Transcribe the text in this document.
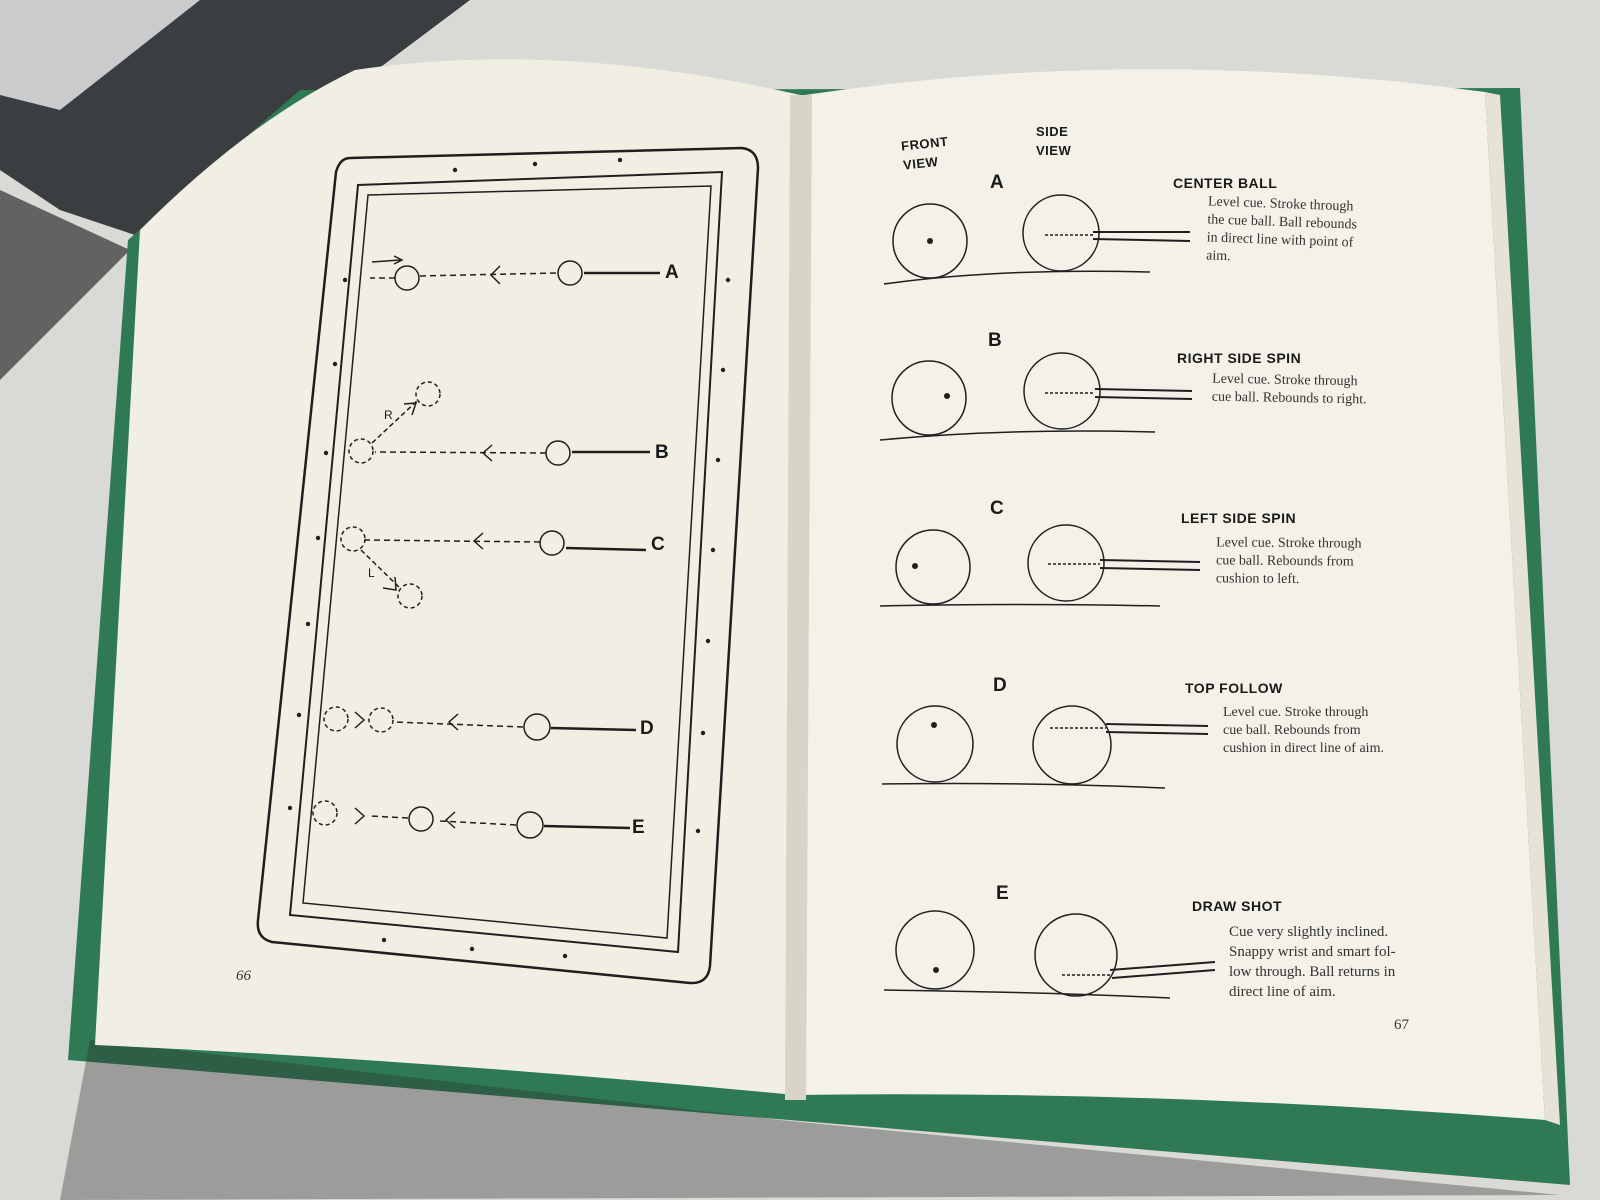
A
B
C
D
E
R
L
66
FRONT VIEW
SIDE VIEW
A	CENTER BALL
Level cue. Stroke through
the cue ball. Ball rebounds
in direct line with point of
aim.
B
RIGHT SIDE SPIN
Level cue. Stroke through
cue ball. Rebounds to right.
C	LEFT SIDE SPIN
Level cue. Stroke through
cue ball. Rebounds from
cushion to left.
D	TOP FOLLOW
Level cue. Stroke through
cue ball. Rebounds from
cushion in direct line of aim.
E
DRAW SHOT
Cue very slightly inclined.
Snappy wrist and smart fol-
low through. Ball returns in
direct line of aim.
67
